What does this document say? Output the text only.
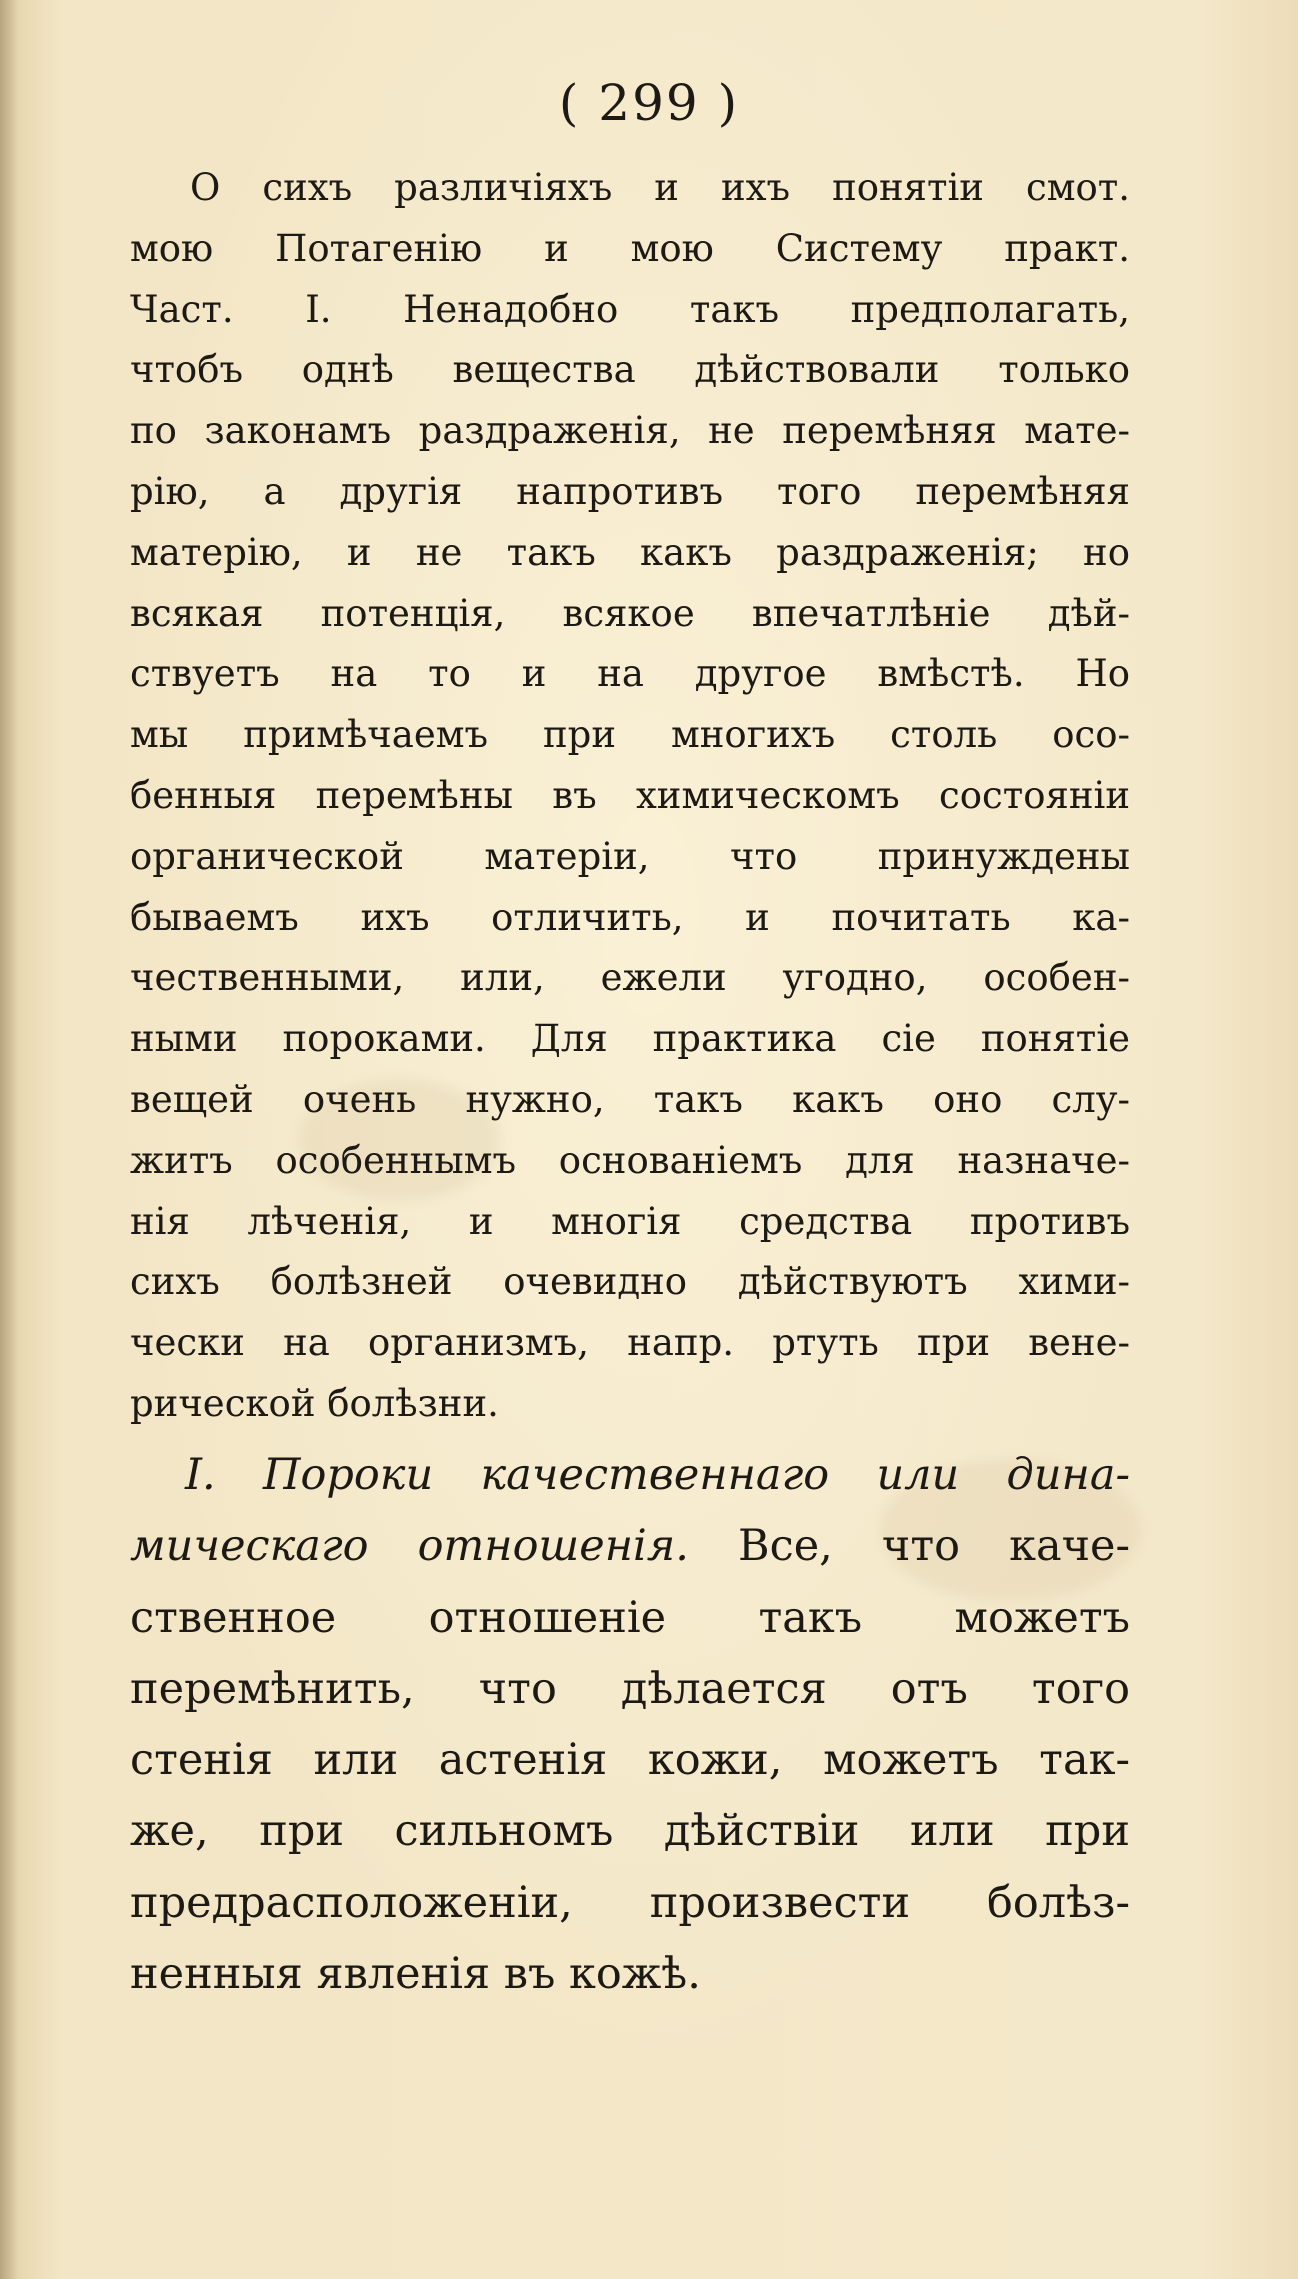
( 299 )
О сихъ различіяхъ и ихъ понятіи смот.
мою Потагенію и мою Систему практ.
Част. І. Ненадобно такъ предполагать,
чтобъ однѣ вещества дѣйствовали только
по законамъ раздраженія, не перемѣняя мате-
рію, а другія напротивъ того перемѣняя
матерію, и не такъ какъ раздраженія; но
всякая потенція, всякое впечатлѣніе дѣй-
ствуетъ на то и на другое вмѣстѣ. Но
мы примѣчаемъ при многихъ столь осо-
бенныя перемѣны въ химическомъ состояніи
органической матеріи, что принуждены
бываемъ ихъ отличить, и почитать ка-
чественными, или, ежели угодно, особен-
ными пороками. Для практика сіе понятіе
вещей очень нужно, такъ какъ оно слу-
житъ особеннымъ основаніемъ для назначе-
нія лѣченія, и многія средства противъ
сихъ болѣзней очевидно дѣйствуютъ хими-
чески на организмъ, напр. ртуть при вене-
рической болѣзни.
І. Пороки качественнаго или дина-
мическаго отношенія. Все, что каче-
ственное отношеніе такъ можетъ
перемѣнить, что дѣлается отъ того
стенія или астенія кожи, можетъ так-
же, при сильномъ дѣйствіи или при
предрасположеніи, произвести болѣз-
ненныя явленія въ кожѣ.
